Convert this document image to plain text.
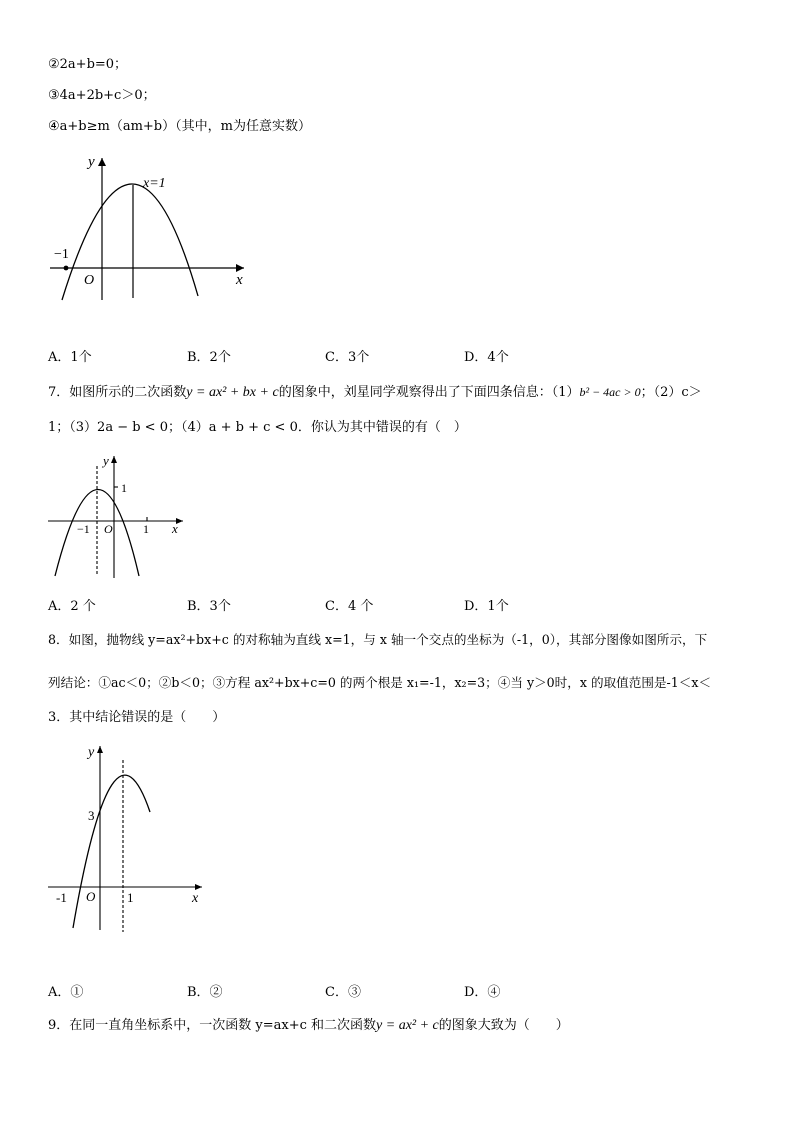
②2a+b=0；
③4a+2b+c＞0；
④a+b≥m（am+b）（其中，m为任意实数）
y
x
O
−1
x=1
A．1个	B．2个	C．3个	D．4个
7．如图所示的二次函数y = ax² + bx + c的图象中，刘星同学观察得出了下面四条信息：（1）b² − 4ac > 0；（2）c＞
1；（3）2a − b < 0；（4）a + b + c < 0．你认为其中错误的有（　）
y
x
O
−1	1
1
A．2 个	B．3个	C．4 个	D．1个
8．如图，抛物线 y=ax²+bx+c 的对称轴为直线 x=1，与 x 轴一个交点的坐标为（-1，0），其部分图像如图所示，下
列结论：①ac＜0；②b＜0；③方程 ax²+bx+c=0 的两个根是 x₁=-1，x₂=3；④当 y＞0时，x 的取值范围是-1＜x＜
3．其中结论错误的是（　　）
y
x
O
3
-1	1
A．①	B．②	C．③	D．④
9．在同一直角坐标系中，一次函数 y=ax+c 和二次函数y = ax² + c的图象大致为（　　）
